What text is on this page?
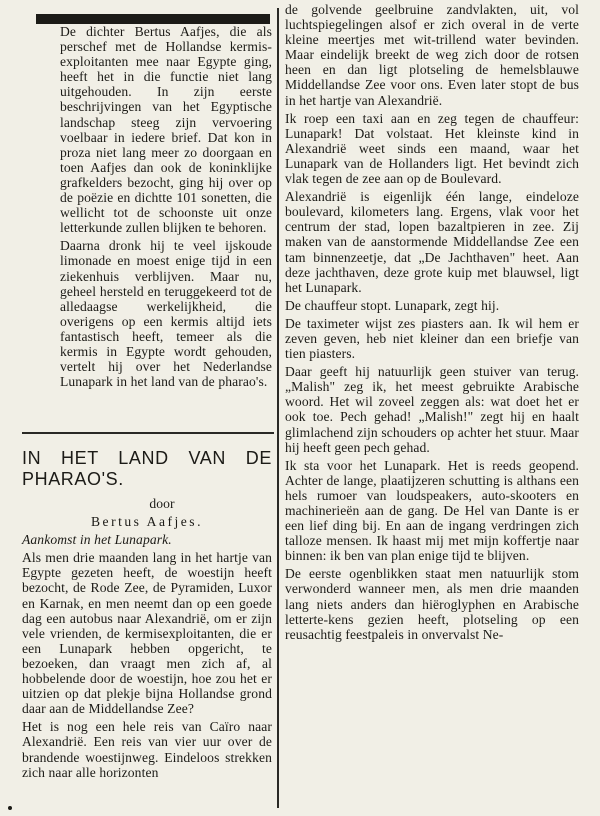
De dichter Bertus Aafjes, die als perschef met de Hollandse kermis-exploitanten mee naar Egypte ging, heeft het in die functie niet lang uitgehouden. In zijn eerste beschrijvingen van het Egyptische landschap steeg zijn vervoering voelbaar in iedere brief. Dat kon in proza niet lang meer zo doorgaan en toen Aafjes dan ook de koninklijke grafkelders bezocht, ging hij over op de poëzie en dichtte 101 sonetten, die wellicht tot de schoonste uit onze letterkunde zullen blijken te behoren.

Daarna dronk hij te veel ijskoude limonade en moest enige tijd in een ziekenhuis verblijven. Maar nu, geheel hersteld en teruggekeerd tot de alledaagse werkelijkheid, die overigens op een kermis altijd iets fantastisch heeft, temeer als die kermis in Egypte wordt gehouden, vertelt hij over het Nederlandse Lunapark in het land van de pharao's.

IN HET LAND VAN DE PHARAO'S.

door

Bertus Aafjes.

Aankomst in het Lunapark.

Als men drie maanden lang in het hartje van Egypte gezeten heeft, de woestijn heeft bezocht, de Rode Zee, de Pyramiden, Luxor en Karnak, en men neemt dan op een goede dag een autobus naar Alexandrië, om er zijn vele vrienden, de kermisexploitanten, die er een Lunapark hebben opgericht, te bezoeken, dan vraagt men zich af, al hobbelende door de woestijn, hoe zou het er uitzien op dat plekje bijna Hollandse grond daar aan de Middellandse Zee?

Het is nog een hele reis van Caïro naar Alexandrië. Een reis van vier uur over de brandende woestijnweg. Eindeloos strekken zich naar alle horizonten

de golvende geelbruine zandvlakten, uit, vol luchtspiegelingen alsof er zich overal in de verte kleine meertjes met wit-trillend water bevinden. Maar eindelijk breekt de weg zich door de rotsen heen en dan ligt plotseling de hemelsblauwe Middellandse Zee voor ons. Even later stopt de bus in het hartje van Alexandrië.

Ik roep een taxi aan en zeg tegen de chauffeur: Lunapark! Dat volstaat. Het kleinste kind in Alexandrië weet sinds een maand, waar het Lunapark van de Hollanders ligt. Het bevindt zich vlak tegen de zee aan op de Boulevard.

Alexandrië is eigenlijk één lange, eindeloze boulevard, kilometers lang. Ergens, vlak voor het centrum der stad, lopen bazaltpieren in zee. Zij maken van de aanstormende Middellandse Zee een tam binnenzeetje, dat „De Jachthaven" heet. Aan deze jachthaven, deze grote kuip met blauwsel, ligt het Lunapark.

De chauffeur stopt. Lunapark, zegt hij.

De taximeter wijst zes piasters aan. Ik wil hem er zeven geven, heb niet kleiner dan een briefje van tien piasters.

Daar geeft hij natuurlijk geen stuiver van terug. „Malish" zeg ik, het meest gebruikte Arabische woord. Het wil zoveel zeggen als: wat doet het er ook toe. Pech gehad! „Malish!" zegt hij en haalt glimlachend zijn schouders op achter het stuur. Maar hij heeft geen pech gehad.

Ik sta voor het Lunapark. Het is reeds geopend. Achter de lange, plaatijzeren schutting is althans een hels rumoer van loudspeakers, auto-skooters en machinerieën aan de gang. De Hel van Dante is er een lief ding bij. En aan de ingang verdringen zich talloze mensen. Ik haast mij met mijn koffertje naar binnen: ik ben van plan enige tijd te blijven.

De eerste ogenblikken staat men natuurlijk stom verwonderd wanneer men, als men drie maanden lang niets anders dan hiëroglyphen en Arabische letterte-kens gezien heeft, plotseling op een reusachtig feestpaleis in onvervalst Ne-
